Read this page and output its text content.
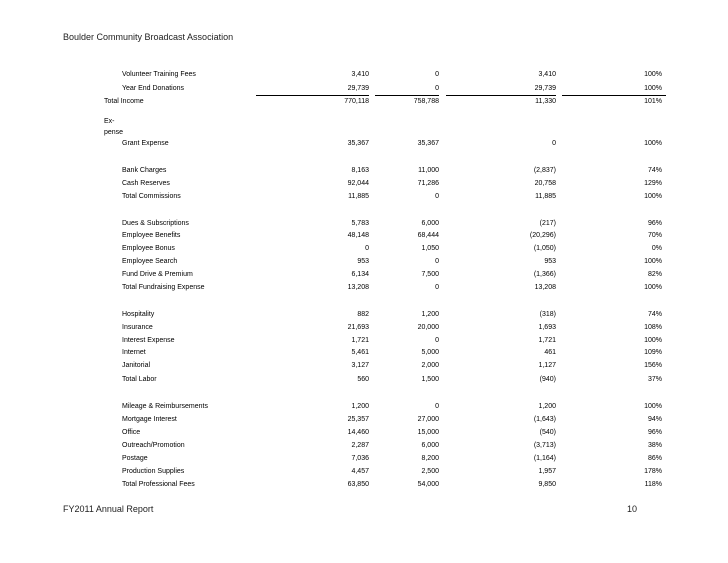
Boulder Community Broadcast Association
Ex- pense
Volunteer Training Fees	3,410	0	3,410	100%
Year End Donations	29,739	0	29,739	100%
Total Income	770,118	758,788	11,330	101%
Grant Expense	35,367	35,367	0	100%
Bank Charges	8,163	11,000	(2,837)	74%
Cash Reserves	92,044	71,286	20,758	129%
Total Commissions	11,885	0	11,885	100%
Dues & Subscriptions	5,783	6,000	(217)	96%
Employee Benefits	48,148	68,444	(20,296)	70%
Employee Bonus	0	1,050	(1,050)	0%
Employee Search	953	0	953	100%
Fund Drive & Premium	6,134	7,500	(1,366)	82%
Total Fundraising Expense	13,208	0	13,208	100%
Hospitality	882	1,200	(318)	74%
Insurance	21,693	20,000	1,693	108%
Interest Expense	1,721	0	1,721	100%
Internet	5,461	5,000	461	109%
Janitorial	3,127	2,000	1,127	156%
Total Labor	560	1,500	(940)	37%
Mileage & Reimbursements	1,200	0	1,200	100%
Mortgage Interest	25,357	27,000	(1,643)	94%
Office	14,460	15,000	(540)	96%
Outreach/Promotion	2,287	6,000	(3,713)	38%
Postage	7,036	8,200	(1,164)	86%
Production Supplies	4,457	2,500	1,957	178%
Total Professional Fees	63,850	54,000	9,850	118%
FY2011 Annual Report	10
